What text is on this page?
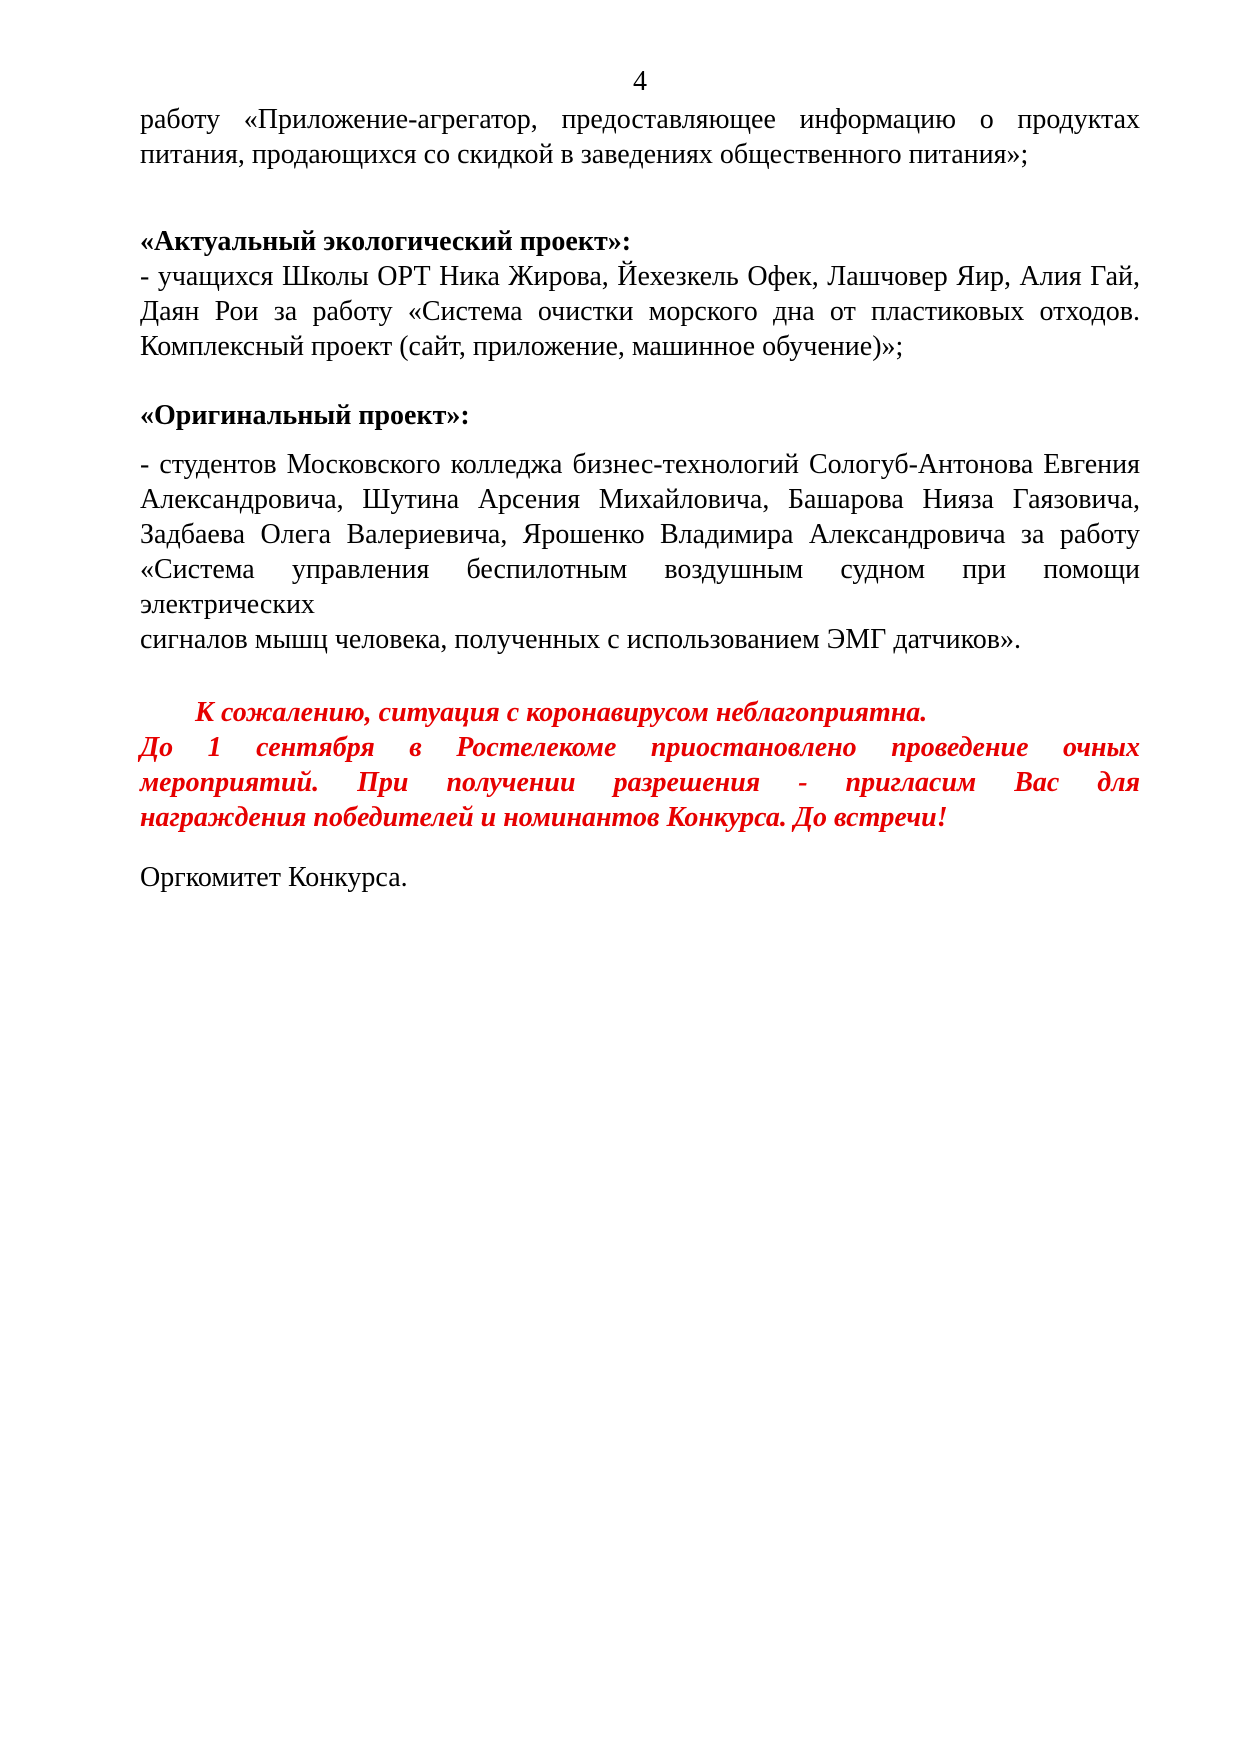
4
работу «Приложение-агрегатор, предоставляющее информацию о продуктах
питания, продающихся со скидкой в заведениях общественного питания»;
«Актуальный экологический проект»:
- учащихся Школы ОРТ Ника Жирова, Йехезкель Офек, Лашчовер Яир, Алия Гай,
Даян Рои за работу «Система очистки морского дна от пластиковых отходов.
Комплексный проект (сайт, приложение, машинное обучение)»;
«Оригинальный проект»:
- студентов Московского колледжа бизнес-технологий Сологуб-Антонова Евгения
Александровича, Шутина Арсения Михайловича, Башарова Нияза Гаязовича,
Задбаева Олега Валериевича, Ярошенко Владимира Александровича за работу
«Система управления беспилотным воздушным судном при помощи электрических
сигналов мышц человека, полученных с использованием ЭМГ датчиков».
К сожалению, ситуация с коронавирусом неблагоприятна.
До 1 сентября в Ростелекоме приостановлено проведение очных
мероприятий. При получении разрешения - пригласим Вас для
награждения победителей и номинантов Конкурса. До встречи!
Оргкомитет Конкурса.
